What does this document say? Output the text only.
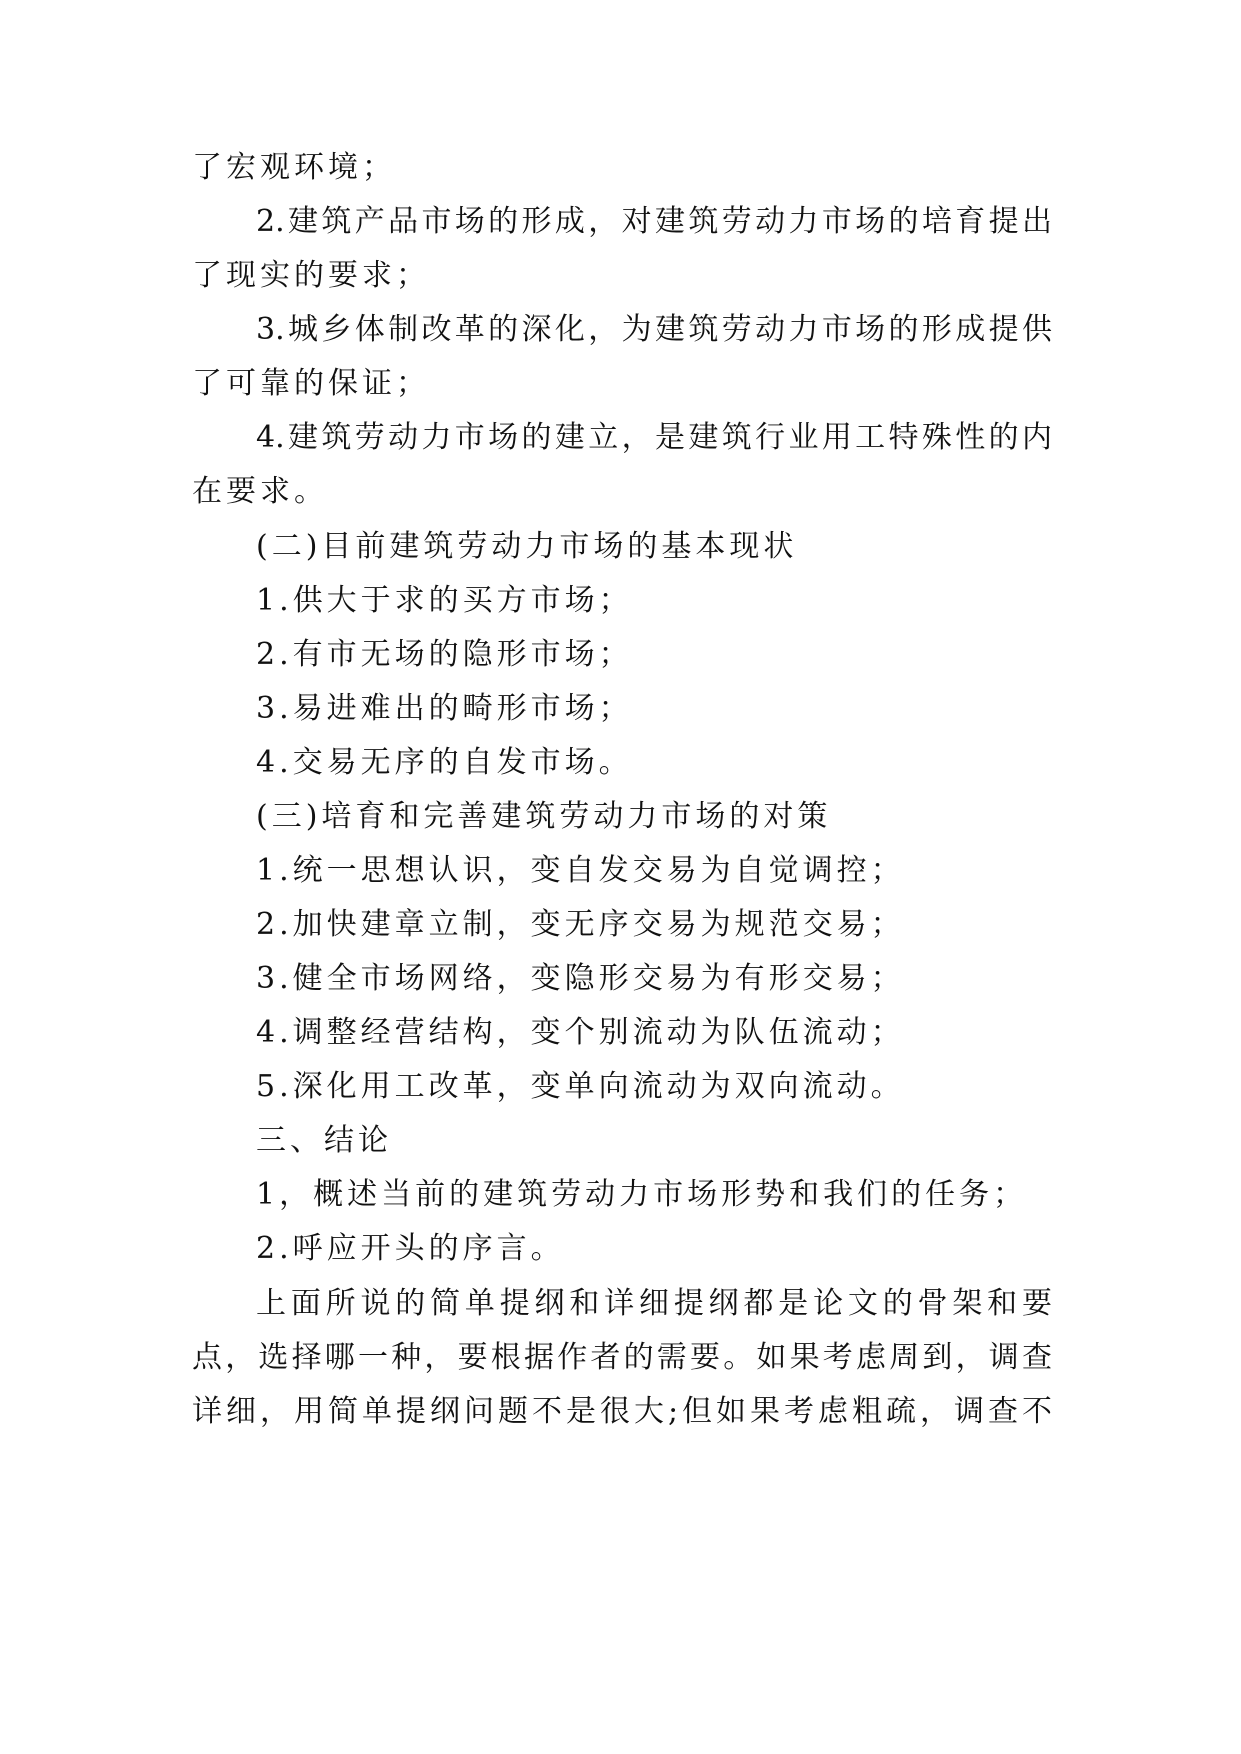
了宏观环境；
2.建筑产品市场的形成，对建筑劳动力市场的培育提出
了现实的要求；
3.城乡体制改革的深化，为建筑劳动力市场的形成提供
了可靠的保证；
4.建筑劳动力市场的建立，是建筑行业用工特殊性的内
在要求。
(二)目前建筑劳动力市场的基本现状
1.供大于求的买方市场；
2.有市无场的隐形市场；
3.易进难出的畸形市场；
4.交易无序的自发市场。
(三)培育和完善建筑劳动力市场的对策
1.统一思想认识，变自发交易为自觉调控；
2.加快建章立制，变无序交易为规范交易；
3.健全市场网络，变隐形交易为有形交易；
4.调整经营结构，变个别流动为队伍流动；
5.深化用工改革，变单向流动为双向流动。
三、结论
1，概述当前的建筑劳动力市场形势和我们的任务；
2.呼应开头的序言。
上面所说的简单提纲和详细提纲都是论文的骨架和要
点，选择哪一种，要根据作者的需要。如果考虑周到，调查
详细，用简单提纲问题不是很大;但如果考虑粗疏，调查不
